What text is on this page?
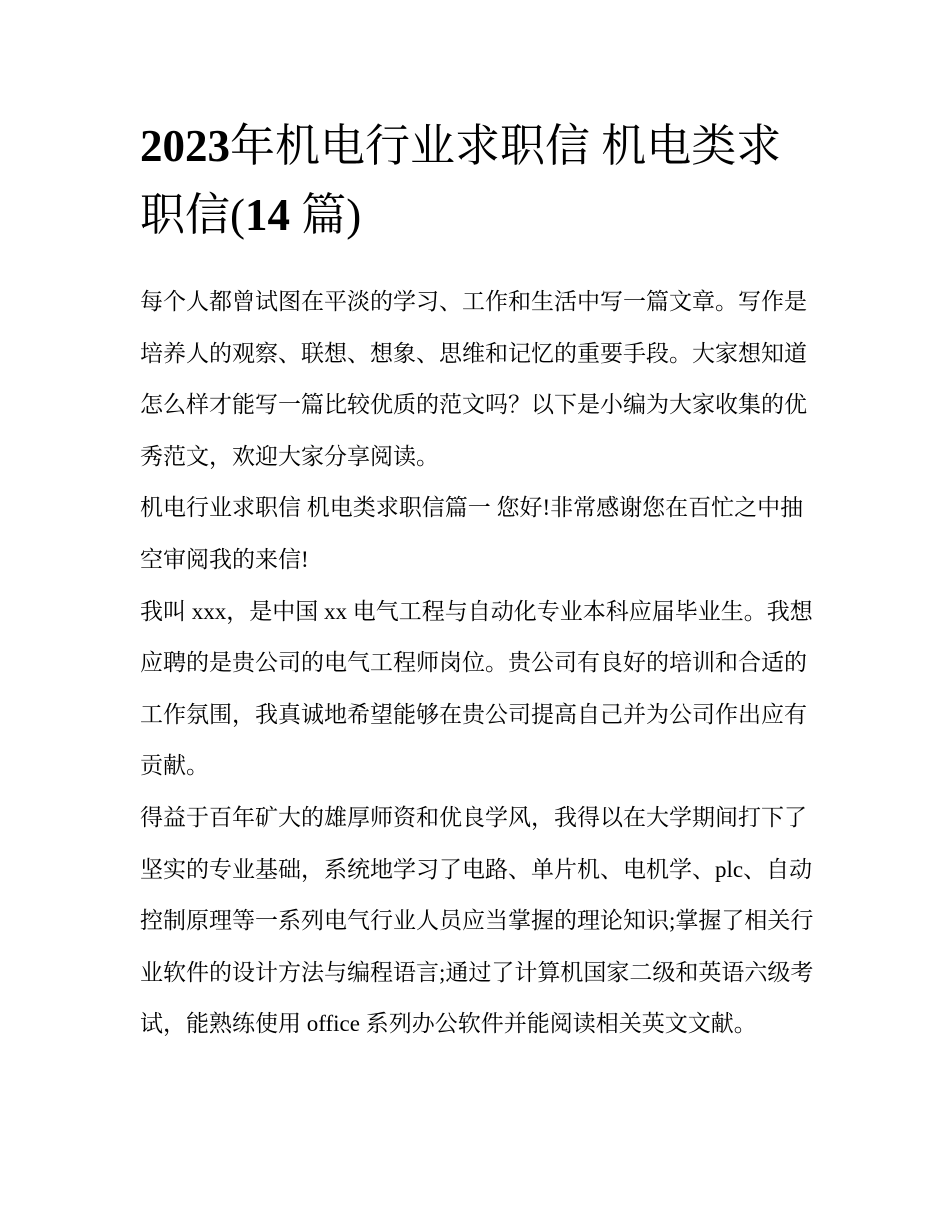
2023年机电行业求职信 机电类求职信(14 篇)

每个人都曾试图在平淡的学习、工作和生活中写一篇文章。写作是培养人的观察、联想、想象、思维和记忆的重要手段。大家想知道怎么样才能写一篇比较优质的范文吗？以下是小编为大家收集的优秀范文，欢迎大家分享阅读。

机电行业求职信 机电类求职信篇一 您好!非常感谢您在百忙之中抽空审阅我的来信!

我叫 xxx，是中国 xx 电气工程与自动化专业本科应届毕业生。我想应聘的是贵公司的电气工程师岗位。贵公司有良好的培训和合适的工作氛围，我真诚地希望能够在贵公司提高自己并为公司作出应有贡献。

得益于百年矿大的雄厚师资和优良学风，我得以在大学期间打下了坚实的专业基础，系统地学习了电路、单片机、电机学、plc、自动控制原理等一系列电气行业人员应当掌握的理论知识;掌握了相关行业软件的设计方法与编程语言;通过了计算机国家二级和英语六级考试，能熟练使用 office 系列办公软件并能阅读相关英文文献。
